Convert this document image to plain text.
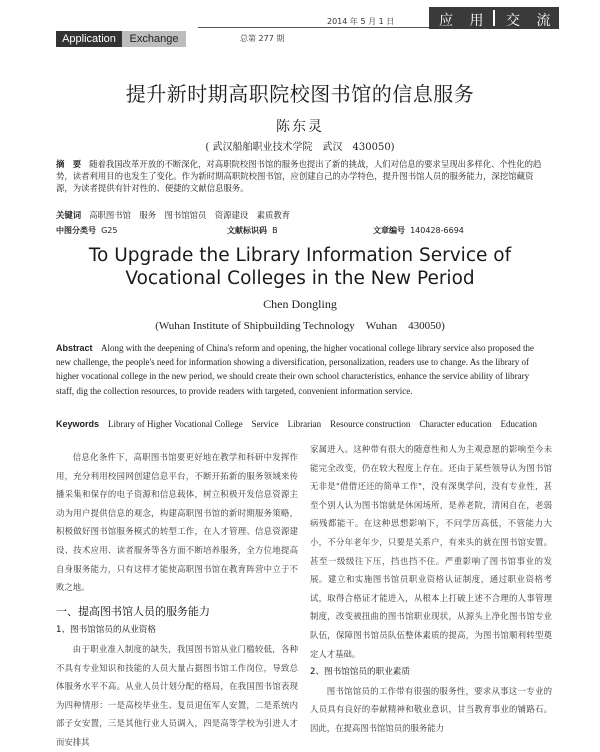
2014 年 5 月 1 日	应 用 交 流
Application	Exchange	总第 277 期
提升新时期高职院校图书馆的信息服务
陈东灵
( 武汉船舶职业技术学院　武汉　430050)
摘　要 随着我国改革开放的不断深化，对高职院校图书馆的服务也提出了新的挑战，人们对信息的要求呈现出多样化、个性化的趋势，读者利用目的也发生了变化。作为新时期高职院校图书馆，应创建自己的办学特色，提升图书馆人员的服务能力，深挖馆藏资源，为读者提供有针对性的、便捷的文献信息服务。
关键词 高职图书馆　服务　图书馆馆员　资源建设　素质教育
中图分类号 G25	文献标识码 B	文章编号 140428-6694
To Upgrade the Library Information Service of Vocational Colleges in the New Period
Chen Dongling
(Wuhan Institute of Shipbuilding Technology　Wuhan　430050)
Abstract Along with the deepening of China's reform and opening, the higher vocational college library service also proposed the new challenge, the people's need for information showing a diversification, personalization, readers use to change. As the library of higher vocational college in the new period, we should create their own school characteristics, enhance the service ability of library staff, dig the collection resources, to provide readers with targeted, convenient information service.
Keywords Library of Higher Vocational College　Service　Librarian　Resource construction　Character education　Education

信息化条件下，高职图书馆要更好地在教学和科研中发挥作用，充分利用校园网创建信息平台，不断开拓新的服务领域来传播采集和保存的电子资源和信息载体，树立积极开发信息资源主动为用户提供信息的观念，构建高职图书馆的新时期服务策略，积极做好图书馆服务模式的转型工作，在人才管理、信息资源建设、技术应用、读者服务等各方面不断培养服务，全方位地提高自身服务能力，只有这样才能使高职图书馆在教育阵营中立于不败之地。

一、提高图书馆人员的服务能力

1、图书馆馆员的从业资格

由于职业准入制度的缺失，我国图书馆从业门槛较低，各种不具有专业知识和技能的人员大量占据图书馆工作岗位，导致总体服务水平不高。从业人员计划分配的格局，在我国图书馆表现为四种情形：一是高校毕业生、复员退伍军人安置，二是系统内部子女安置，三是其他行业人员调入，四是高等学校为引进人才而安排其

家属进入。这种带有很大的随意性和人为主观意愿的影响至今未能完全改变，仍在较大程度上存在。还由于某些领导认为图书馆无非是"借借还还的简单工作"，没有深奥学问，没有专业性，甚至个别人认为图书馆就是休闲场所，是养老院，清闲自在，老弱病残都能干。在这种思想影响下，不问学历高低，不管能力大小，不分年老年少，只要是关系户，有来头的就在图书馆安置。甚至一级级往下压，挡也挡不住。严重影响了图书馆事业的发展。建立和实施图书馆员职业资格认证制度，通过职业资格考试，取得合格证才能进入，从根本上打破上述不合理的人事管理制度，改变被扭曲的图书馆职业现状，从源头上净化图书馆专业队伍，保障图书馆员队伍整体素质的提高，为图书馆顺利转型奠定人才基础。

2、图书馆馆员的职业素质

图书馆馆员的工作带有很强的服务性，要求从事这一专业的人员具有良好的奉献精神和敬业意识，甘当教育事业的铺路石。因此，在提高图书馆馆员的服务能力
